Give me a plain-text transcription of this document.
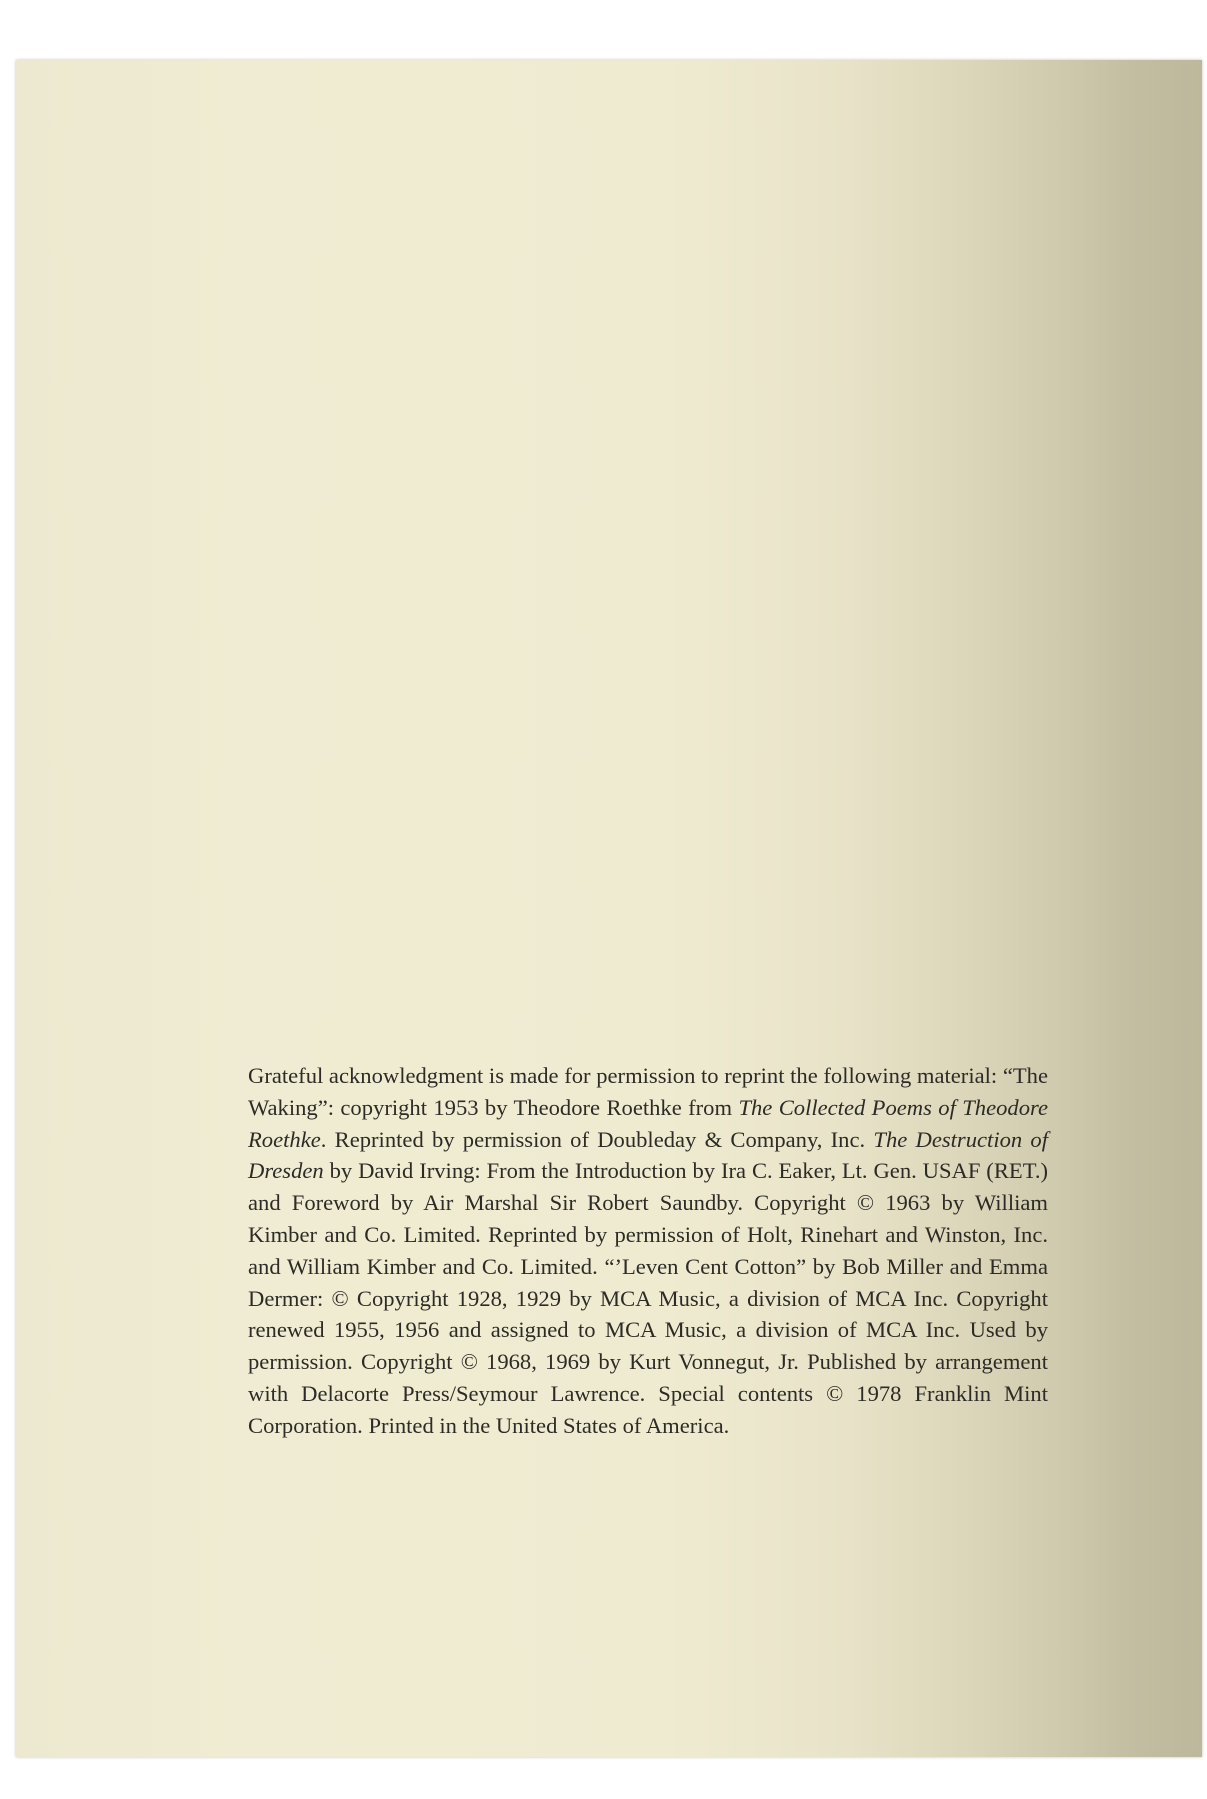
Grateful acknowledgment is made for permission to reprint the following material: “The Waking”: copyright 1953 by Theodore Roethke from The Collected Poems of Theodore Roethke. Reprinted by permission of Doubleday & Company, Inc. The Destruction of Dresden by David Irving: From the Introduction by Ira C. Eaker, Lt. Gen. USAF (RET.) and Foreword by Air Marshal Sir Robert Saundby. Copyright © 1963 by William Kimber and Co. Limited. Reprinted by permission of Holt, Rinehart and Winston, Inc. and William Kimber and Co. Limited. “’Leven Cent Cotton” by Bob Miller and Emma Dermer: © Copyright 1928, 1929 by MCA Music, a division of MCA Inc. Copyright renewed 1955, 1956 and assigned to MCA Music, a division of MCA Inc. Used by permission. Copyright © 1968, 1969 by Kurt Vonnegut, Jr. Published by arrangement with Delacorte Press/Seymour Lawrence. Special contents © 1978 Franklin Mint Corporation. Printed in the United States of America.
